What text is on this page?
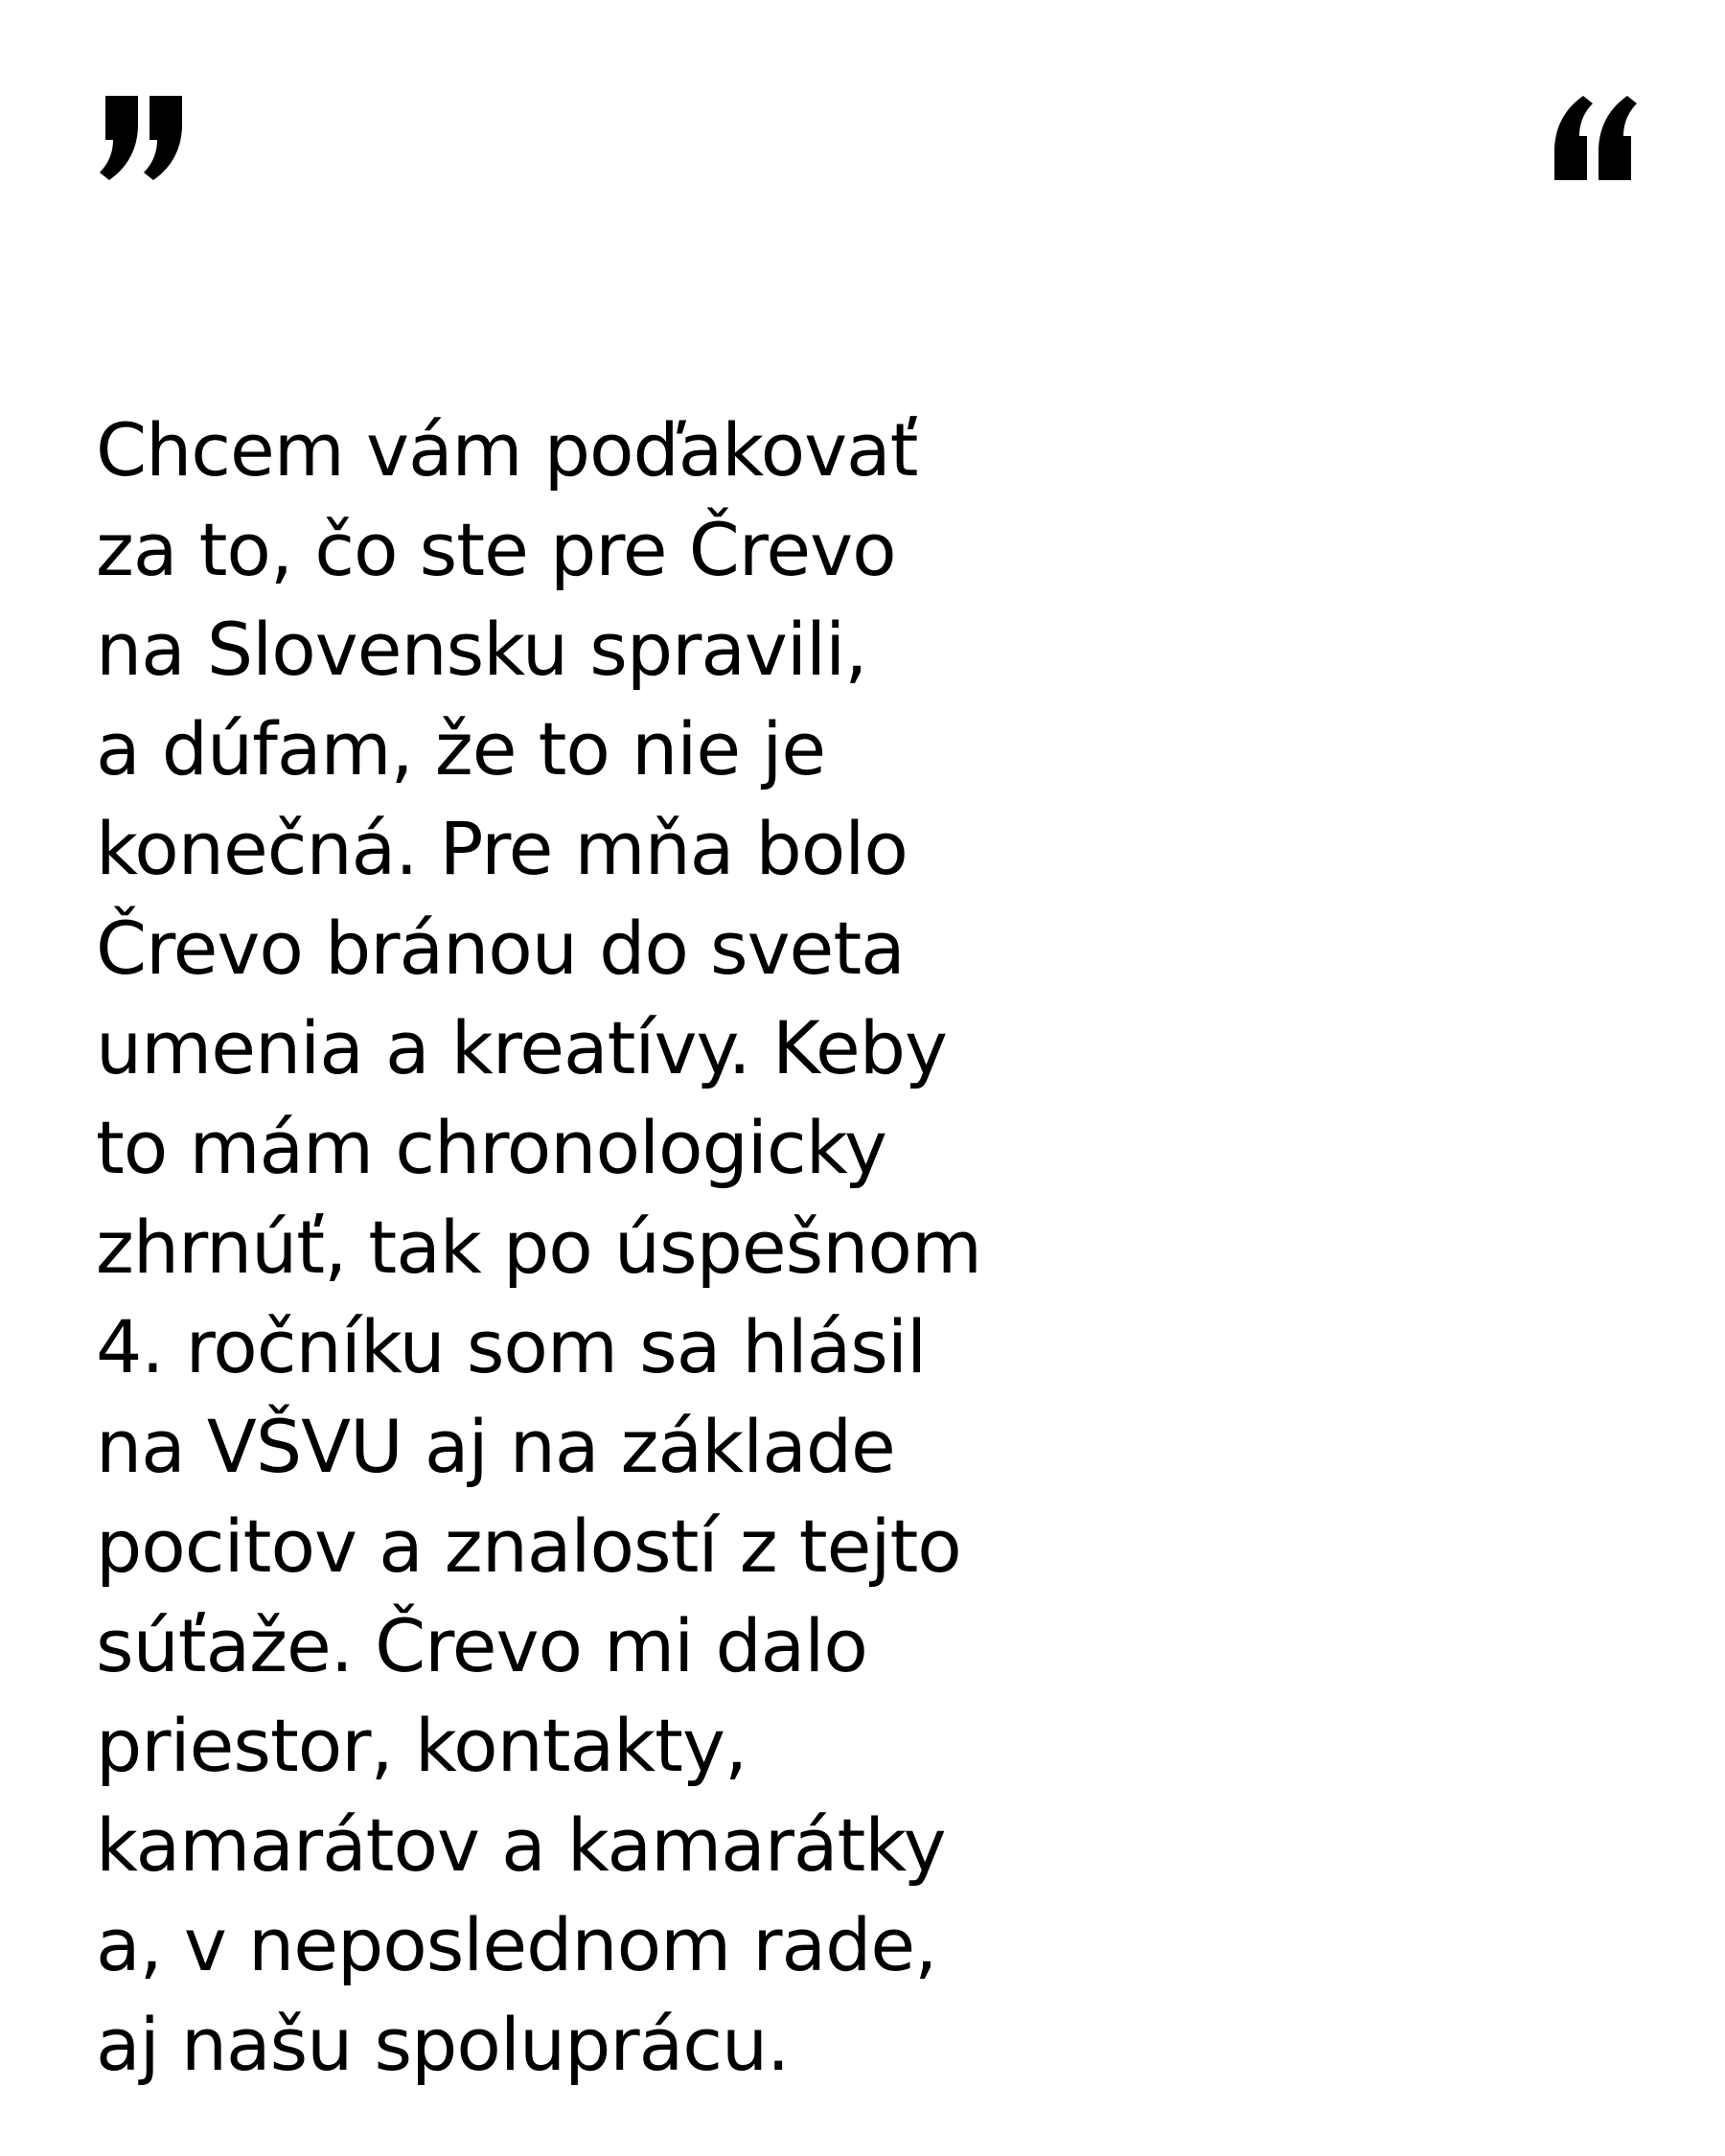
Chcem vám poďakovať
za to, čo ste pre Črevo
na Slovensku spravili,
a dúfam, že to nie je
konečná. Pre mňa bolo
Črevo bránou do sveta
umenia a kreatívy. Keby
to mám chronologicky
zhrnúť, tak po úspešnom
4. ročníku som sa hlásil
na VŠVU aj na základe
pocitov a znalostí z tejto
súťaže. Črevo mi dalo
priestor, kontakty,
kamarátov a kamarátky
a, v neposlednom rade,
aj našu spoluprácu.
